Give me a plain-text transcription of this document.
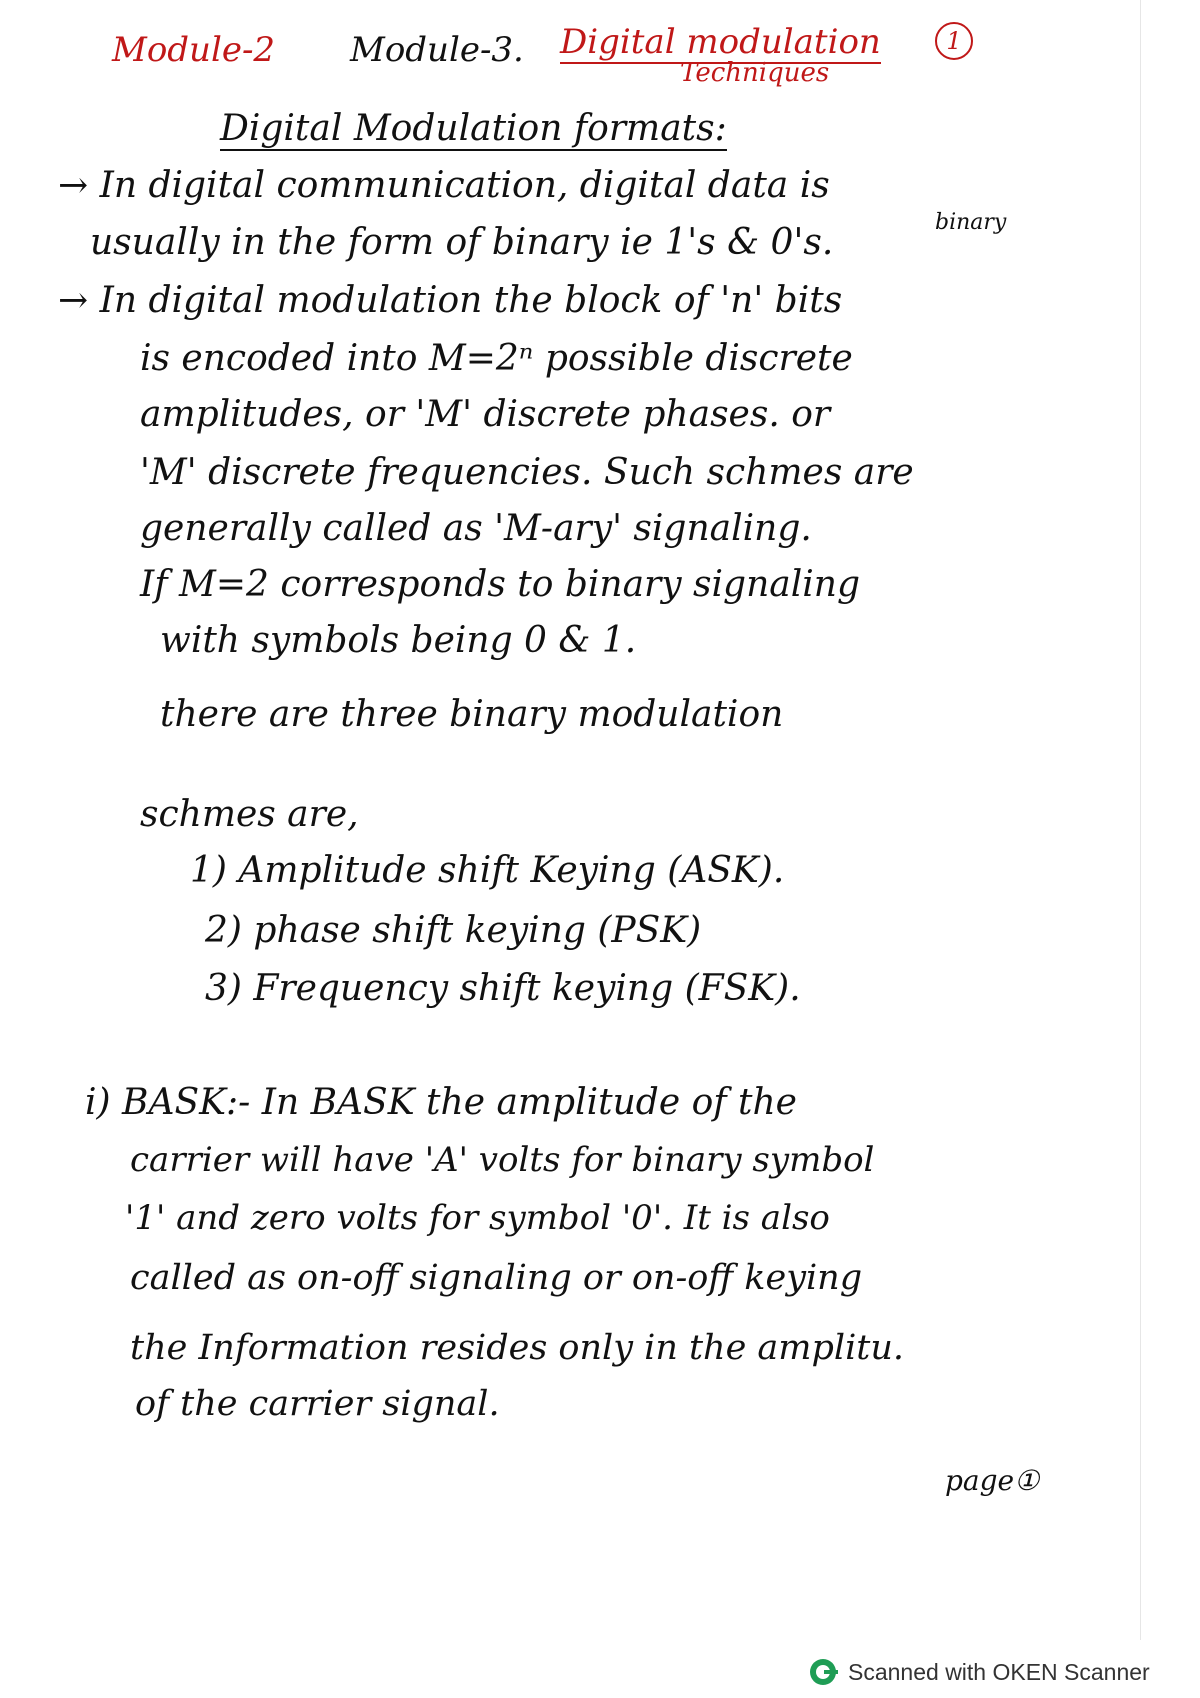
Module-2 Module-3. Digital modulation
Techniques
1
Digital Modulation formats:
→ In digital communication, digital data is
usually in the form of binary ie 1's & 0's.	binary
→ In digital modulation the block of 'n' bits
is encoded into M=2ⁿ possible discrete
amplitudes, or 'M' discrete phases. or
'M' discrete frequencies. Such schmes are
generally called as 'M-ary' signaling.
If M=2 corresponds to binary signaling
with symbols being 0 & 1.
there are three binary modulation
schmes are,
1) Amplitude shift Keying (ASK).
2) phase shift keying (PSK)
3) Frequency shift keying (FSK).
i) BASK:- In BASK the amplitude of the
carrier will have 'A' volts for binary symbol
'1' and zero volts for symbol '0'. It is also
called as on-off signaling or on-off keying
the Information resides only in the amplitu.
of the carrier signal.
page①
Scanned with OKEN Scanner
